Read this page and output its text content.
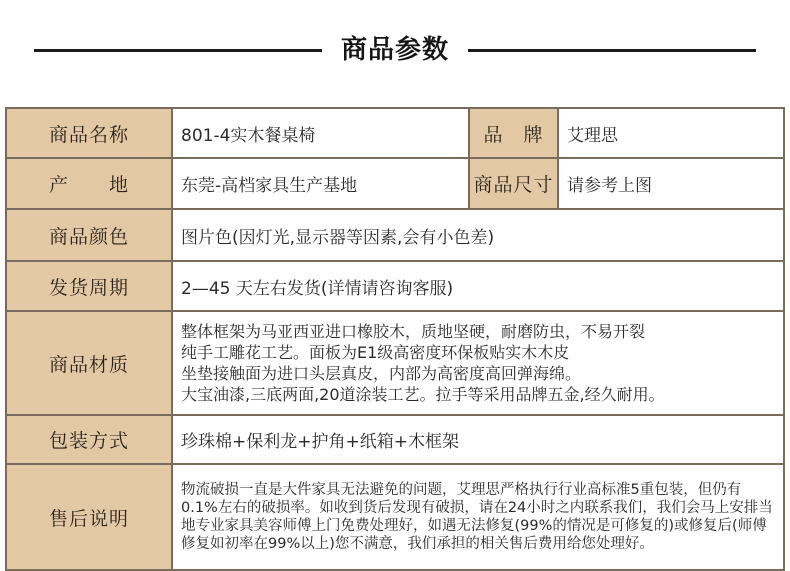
商品参数
商品名称	801-4实木餐桌椅	品　牌	艾理思
产　　地	东莞-高档家具生产基地	商品尺寸	请参考上图
商品颜色	图片色(因灯光,显示器等因素,会有小色差)		
发货周期	2—45 天左右发货(详情请咨询客服)		
商品材质	整体框架为马亚西亚进口橡胶木，质地坚硬，耐磨防虫，不易开裂
纯手工雕花工艺。面板为E1级高密度环保板贴实木木皮
坐垫接触面为进口头层真皮，内部为高密度高回弹海绵。
大宝油漆,三底两面,20道涂装工艺。拉手等采用品牌五金,经久耐用。		

包装方式	珍珠棉+保利龙+护角+纸箱+木框架		
售后说明	物流破损一直是大件家具无法避免的问题，艾理思严格执行行业高标准5重包装，但仍有0.1%左右的破损率。如收到货后发现有破损，请在24小时之内联系我们，我们会马上安排当地专业家具美容师傅上门免费处理好，如遇无法修复(99%的情况是可修复的)或修复后(师傅修复如初率在99%以上)您不满意，我们承担的相关售后费用给您处理好。		
